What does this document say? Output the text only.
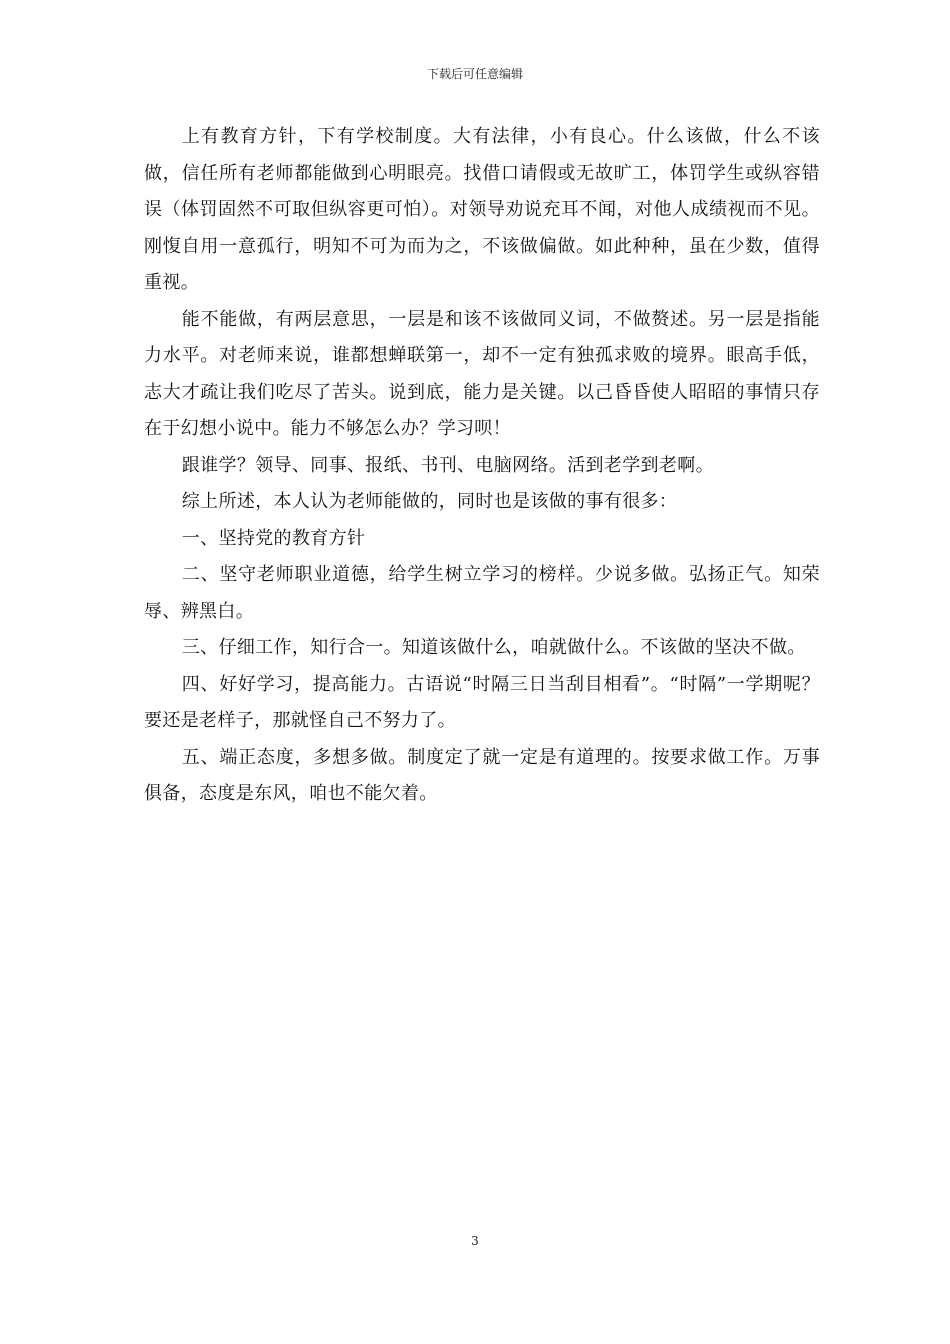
下载后可任意编辑

上有教育方针，下有学校制度。大有法律，小有良心。什么该做，什么不该做，信任所有老师都能做到心明眼亮。找借口请假或无故旷工，体罚学生或纵容错误（体罚固然不可取但纵容更可怕）。对领导劝说充耳不闻，对他人成绩视而不见。刚愎自用一意孤行，明知不可为而为之，不该做偏做。如此种种，虽在少数，值得重视。

能不能做，有两层意思，一层是和该不该做同义词，不做赘述。另一层是指能力水平。对老师来说，谁都想蝉联第一，却不一定有独孤求败的境界。眼高手低，志大才疏让我们吃尽了苦头。说到底，能力是关键。以己昏昏使人昭昭的事情只存在于幻想小说中。能力不够怎么办？学习呗！

跟谁学？领导、同事、报纸、书刊、电脑网络。活到老学到老啊。

综上所述，本人认为老师能做的，同时也是该做的事有很多：

一、坚持党的教育方针

二、坚守老师职业道德，给学生树立学习的榜样。少说多做。弘扬正气。知荣辱、辨黑白。

三、仔细工作，知行合一。知道该做什么，咱就做什么。不该做的坚决不做。

四、好好学习，提高能力。古语说“时隔三日当刮目相看”。“时隔”一学期呢？要还是老样子，那就怪自己不努力了。

五、端正态度，多想多做。制度定了就一定是有道理的。按要求做工作。万事俱备，态度是东风，咱也不能欠着。

3
